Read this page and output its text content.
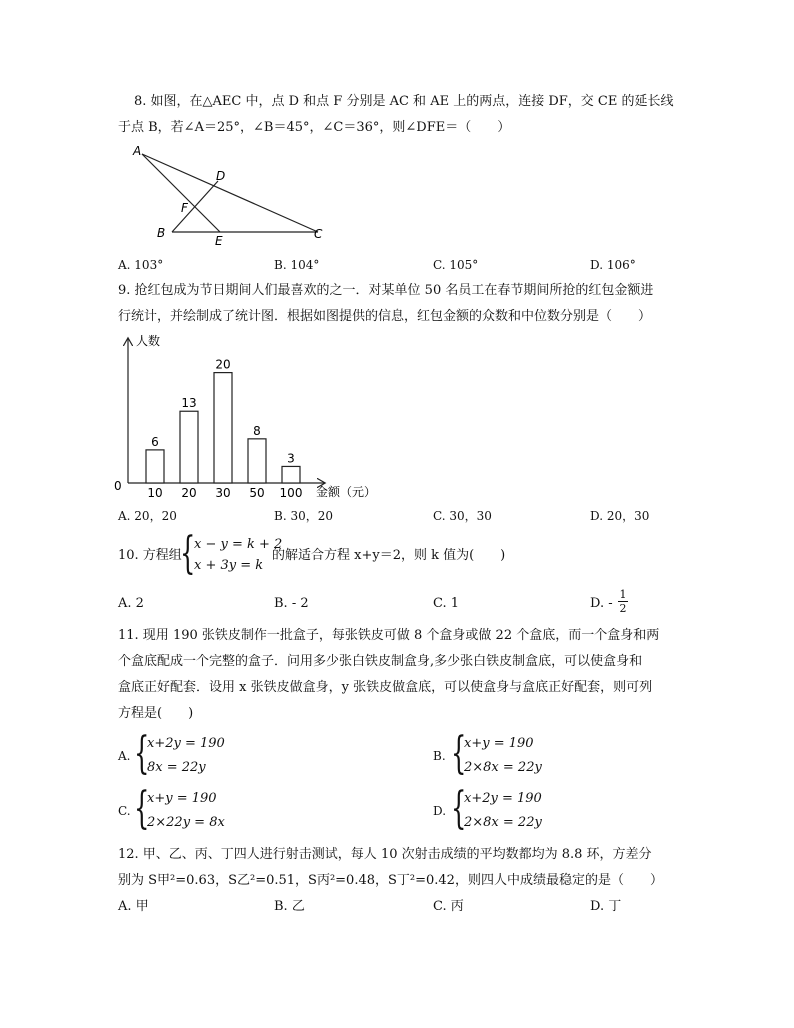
8. 如图，在△AEC 中，点 D 和点 F 分别是 AC 和 AE 上的两点，连接 DF，交 CE 的延长线
于点 B，若∠A＝25°，∠B＝45°，∠C＝36°，则∠DFE＝（　　）
A
D
F
B
E	C
A. 103°	B. 104°	C. 105°	D. 106°
9. 抢红包成为节日期间人们最喜欢的之一．对某单位 50 名员工在春节期间所抢的红包金额进
行统计，并绘制成了统计图．根据如图提供的信息，红包金额的众数和中位数分别是（　　）
0
人数
金额（元）
6
10
13
20
20
30
8
50
3
100
A. 20，20	B. 30，20	C. 30，30	D. 20，30
10. 方程组
{
x − y = k + 2
x + 3y = k
的解适合方程 x+y＝2，则 k 值为(　　)
A. 2	B. - 2	C. 1	D. - $\frac{1}{2}$
11. 现用 190 张铁皮制作一批盒子，每张铁皮可做 8 个盒身或做 22 个盒底，而一个盒身和两
个盒底配成一个完整的盒子．问用多少张白铁皮制盒身,多少张白铁皮制盒底，可以使盒身和
盒底正好配套．设用 x 张铁皮做盒身，y 张铁皮做盒底，可以使盒身与盒底正好配套，则可列
方程是(　　)
A. {
x+2y = 190
8x = 22y
B. {
x+y = 190
2×8x = 22y
C. {
x+y = 190
2×22y = 8x
D. {
x+2y = 190
2×8x = 22y
12. 甲、乙、丙、丁四人进行射击测试，每人 10 次射击成绩的平均数都均为 8.8 环，方差分
别为 S甲²=0.63，S乙²=0.51，S丙²=0.48，S丁²=0.42，则四人中成绩最稳定的是（　　）
A. 甲	B. 乙	C. 丙	D. 丁
